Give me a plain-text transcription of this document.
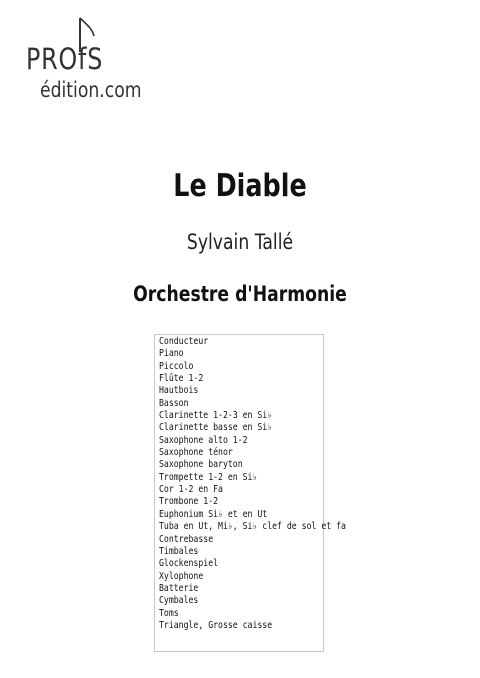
PROfS
édition.com
Le Diable
Sylvain Tallé
Orchestre d'Harmonie
Conducteur
Piano
Piccolo
Flûte 1-2
Hautbois
Basson
Clarinette 1-2-3 en Si♭
Clarinette basse en Si♭
Saxophone alto 1-2
Saxophone ténor
Saxophone baryton
Trompette 1-2 en Si♭
Cor 1-2 en Fa
Trombone 1-2
Euphonium Si♭ et en Ut
Tuba en Ut, Mi♭, Si♭ clef de sol et fa
Contrebasse
Timbales
Glockenspiel
Xylophone
Batterie
Cymbales
Toms
Triangle, Grosse caisse
